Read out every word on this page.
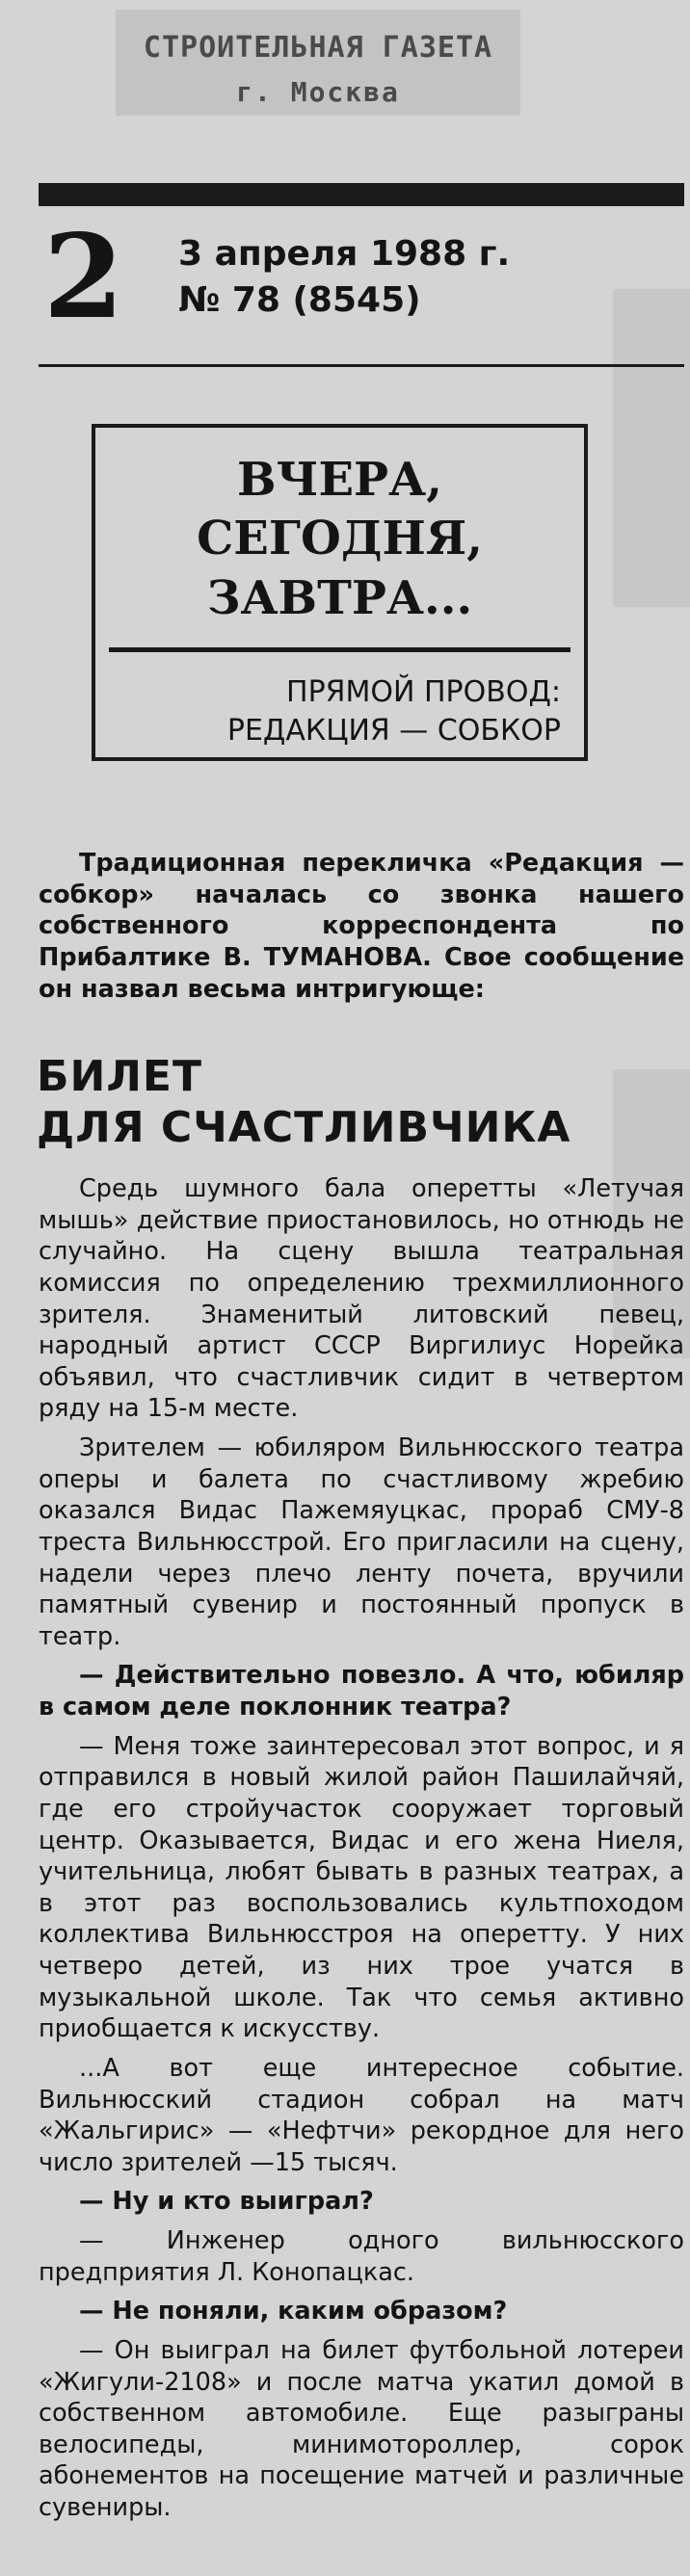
СТРОИТЕЛЬНАЯ ГАЗЕТА
г. Москва
2 3 апреля 1988 г.
№ 78 (8545)
ВЧЕРА, СЕГОДНЯ, ЗАВТРА...
ПРЯМОЙ ПРОВОД:
РЕДАКЦИЯ — СОБКОР

Традиционная перекличка «Редакция — собкор» началась со звонка нашего собственного корреспондента по Прибалтике В. ТУМАНОВА. Свое сообщение он назвал весьма интригующе:

БИЛЕТ
ДЛЯ СЧАСТЛИВЧИКА

Средь шумного бала оперетты «Летучая мышь» действие приостановилось, но отнюдь не случайно. На сцену вышла театральная комиссия по определению трехмиллионного зрителя. Знаменитый литовский певец, народный артист СССР Виргилиус Норейка объявил, что счастливчик сидит в четвертом ряду на 15-м месте.

Зрителем — юбиляром Вильнюсского театра оперы и балета по счастливому жребию оказался Видас Пажемяуцкас, прораб СМУ-8 треста Вильнюсстрой. Его пригласили на сцену, надели через плечо ленту почета, вручили памятный сувенир и постоянный пропуск в театр.

— Действительно повезло. А что, юбиляр в самом деле поклонник театра?

— Меня тоже заинтересовал этот вопрос, и я отправился в новый жилой район Пашилайчяй, где его стройучасток сооружает торговый центр. Оказывается, Видас и его жена Ниеля, учительница, любят бывать в разных театрах, а в этот раз воспользовались культпоходом коллектива Вильнюсстроя на оперетту. У них четверо детей, из них трое учатся в музыкальной школе. Так что семья активно приобщается к искусству.

...А вот еще интересное событие. Вильнюсский стадион собрал на матч «Жальгирис» — «Нефтчи» рекордное для него число зрителей —15 тысяч.

— Ну и кто выиграл?

— Инженер одного вильнюсского предприятия Л. Конопацкас.

— Не поняли, каким образом?

— Он выиграл на билет футбольной лотереи «Жигули-2108» и после матча укатил домой в собственном автомобиле. Еще разыграны велосипеды, минимотороллер, сорок абонементов на посещение матчей и различные сувениры.
